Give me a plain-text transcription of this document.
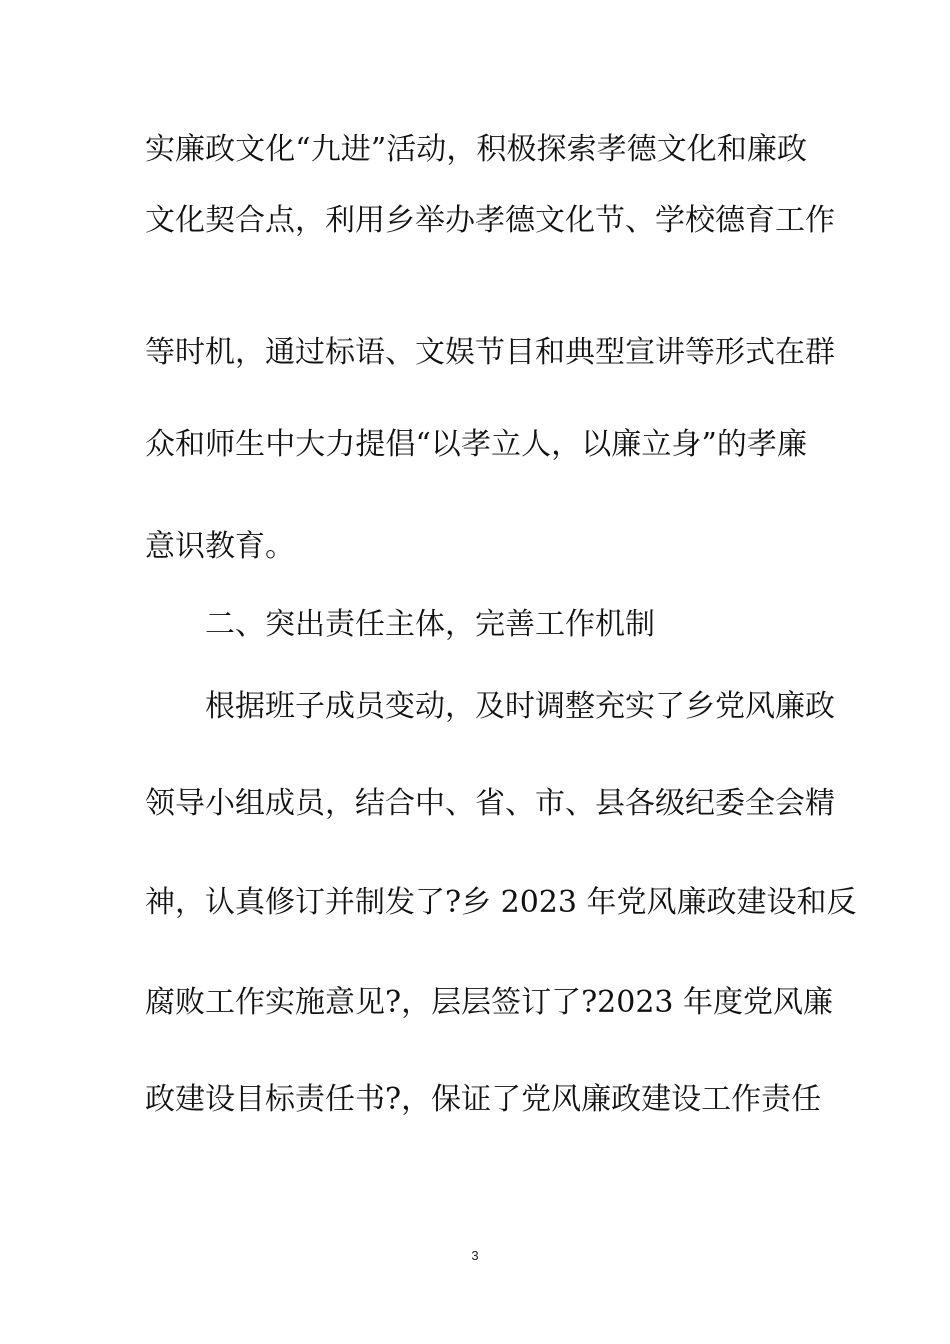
实廉政文化“九进”活动，积极探索孝德文化和廉政
文化契合点，利用乡举办孝德文化节、学校德育工作
等时机，通过标语、文娱节目和典型宣讲等形式在群
众和师生中大力提倡“以孝立人，以廉立身”的孝廉
意识教育。
二、突出责任主体，完善工作机制
根据班子成员变动，及时调整充实了乡党风廉政
领导小组成员，结合中、省、市、县各级纪委全会精
神，认真修订并制发了?乡 2023 年党风廉政建设和反
腐败工作实施意见?，层层签订了?2023 年度党风廉
政建设目标责任书?，保证了党风廉政建设工作责任
3
